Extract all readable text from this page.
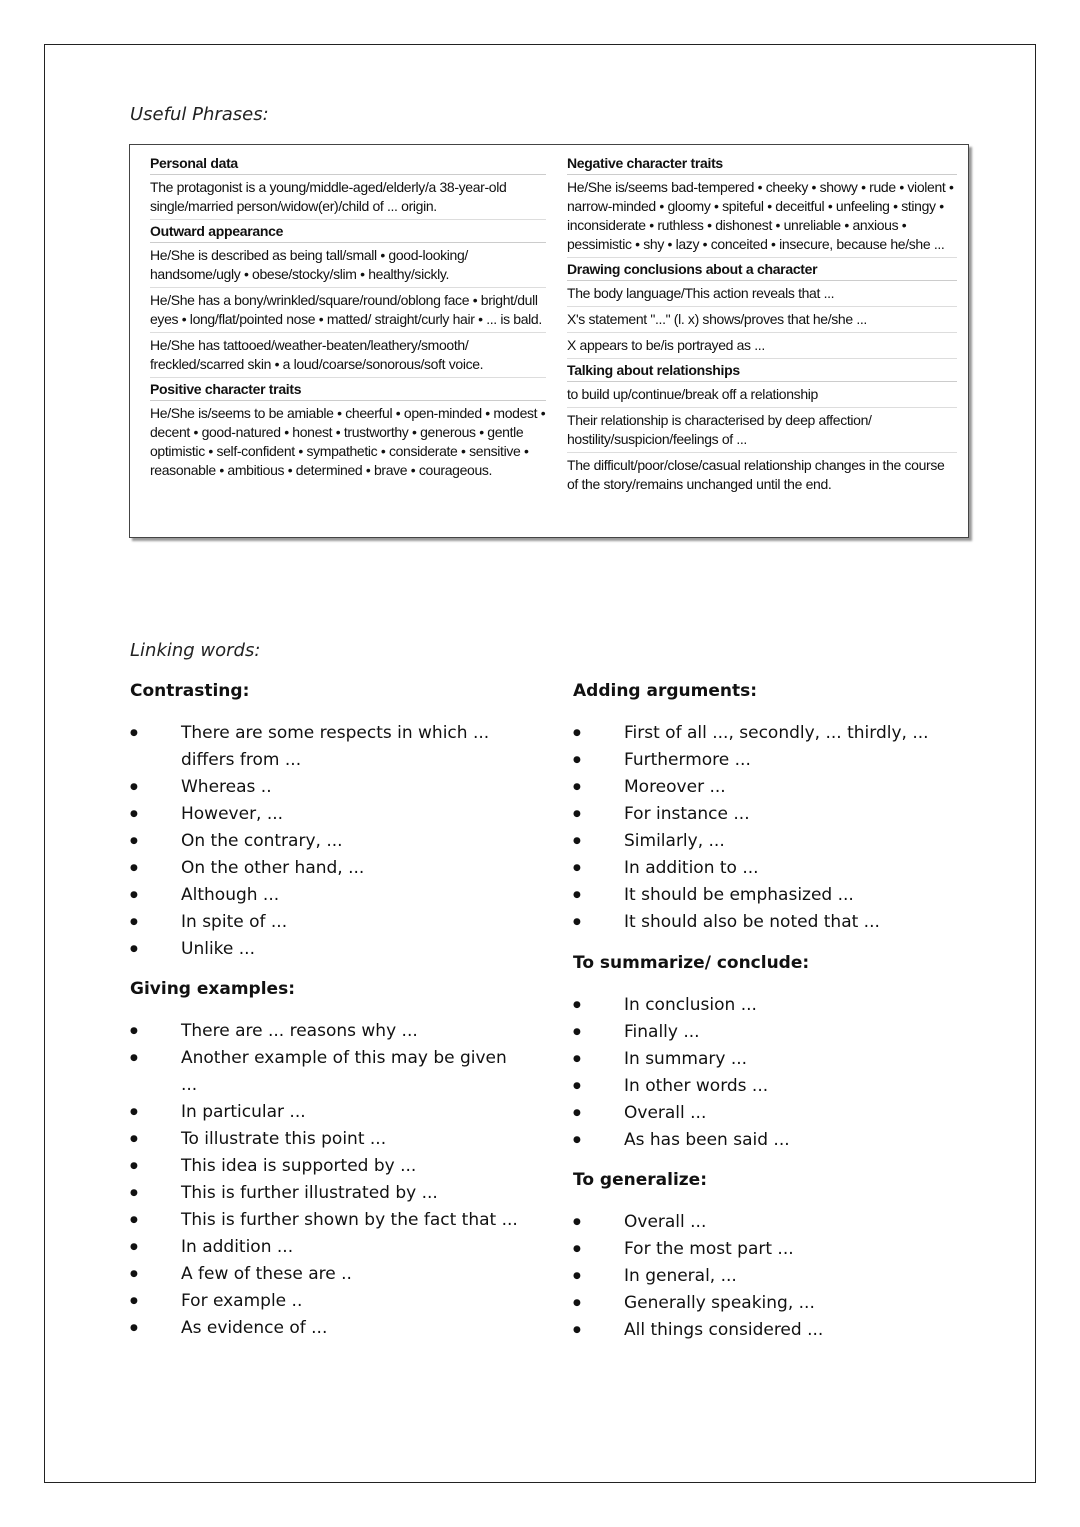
Useful Phrases:
Personal data
The protagonist is a young/middle-aged/elderly/a 38-year-old single/married person/widow(er)/child of ... origin.
Outward appearance
He/She is described as being tall/small • good-looking/ handsome/ugly • obese/stocky/slim • healthy/sickly.
He/She has a bony/wrinkled/square/round/oblong face • bright/dull eyes • long/flat/pointed nose • matted/ straight/curly hair • ... is bald.
He/She has tattooed/weather-beaten/leathery/smooth/ freckled/scarred skin • a loud/coarse/sonorous/soft voice.
Positive character traits
He/She is/seems to be amiable • cheerful • open-minded • modest • decent • good-natured • honest • trustworthy • generous • gentle optimistic • self-confident • sympathetic • considerate • sensitive • reasonable • ambitious • determined • brave • courageous.
Negative character traits
He/She is/seems bad-tempered • cheeky • showy • rude • violent • narrow-minded • gloomy • spiteful • deceitful • unfeeling • stingy • inconsiderate • ruthless • dishonest • unreliable • anxious • pessimistic • shy • lazy • conceited • insecure, because he/she ...
Drawing conclusions about a character
The body language/This action reveals that ...
X's statement "..." (l. x) shows/proves that he/she ...
X appears to be/is portrayed as ...
Talking about relationships
to build up/continue/break off a relationship
Their relationship is characterised by deep affection/ hostility/suspicion/feelings of ...
The difficult/poor/close/casual relationship changes in the course of the story/remains unchanged until the end.
Linking words:
Contrasting:
● There are some respects in which ...
differs from ...
● Whereas ..
● However, ...
● On the contrary, ...
● On the other hand, ...
● Although ...
● In spite of ...
● Unlike ...
Giving examples:
● There are ... reasons why ...
● Another example of this may be given
...
● In particular ...
● To illustrate this point ...
● This idea is supported by ...
● This is further illustrated by ...
● This is further shown by the fact that ...
● In addition ...
● A few of these are ..
● For example ..
● As evidence of ...
Adding arguments:
● First of all ..., secondly, ... thirdly, ...
● Furthermore ...
● Moreover ...
● For instance ...
● Similarly, ...
● In addition to ...
● It should be emphasized ...
● It should also be noted that ...
To summarize/ conclude:
● In conclusion ...
● Finally ...
● In summary ...
● In other words ...
● Overall ...
● As has been said ...
To generalize:
● Overall ...
● For the most part ...
● In general, ...
● Generally speaking, ...
● All things considered ...
